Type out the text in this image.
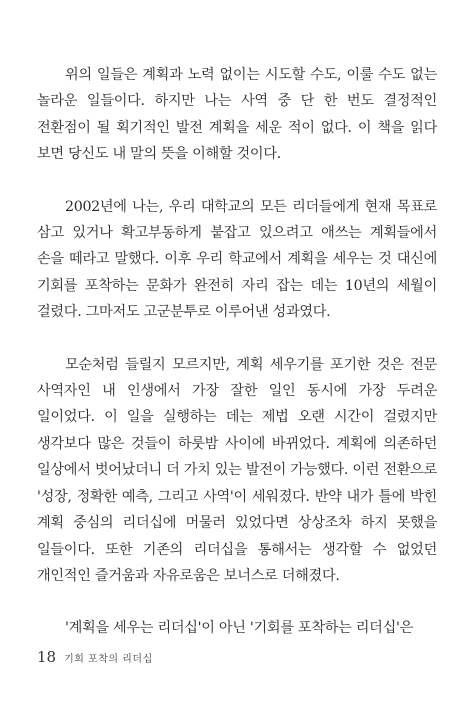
위의 일들은 계획과 노력 없이는 시도할 수도, 이룰 수도 없는 놀라운 일들이다. 하지만 나는 사역 중 단 한 번도 결정적인 전환점이 될 획기적인 발전 계획을 세운 적이 없다. 이 책을 읽다 보면 당신도 내 말의 뜻을 이해할 것이다.

2002년에 나는, 우리 대학교의 모든 리더들에게 현재 목표로 삼고 있거나 확고부동하게 붙잡고 있으려고 애쓰는 계획들에서 손을 떼라고 말했다. 이후 우리 학교에서 계획을 세우는 것 대신에 기회를 포착하는 문화가 완전히 자리 잡는 데는 10년의 세월이 걸렸다. 그마저도 고군분투로 이루어낸 성과였다.

모순처럼 들릴지 모르지만, 계획 세우기를 포기한 것은 전문 사역자인 내 인생에서 가장 잘한 일인 동시에 가장 두려운 일이었다. 이 일을 실행하는 데는 제법 오랜 시간이 걸렸지만 생각보다 많은 것들이 하룻밤 사이에 바뀌었다. 계획에 의존하던 일상에서 벗어났더니 더 가치 있는 발전이 가능했다. 이런 전환으로 '성장, 정확한 예측, 그리고 사역'이 세워졌다. 반약 내가 틀에 박힌 계획 중심의 리더십에 머물러 있었다면 상상조차 하지 못했을 일들이다. 또한 기존의 리더십을 통해서는 생각할 수 없었던 개인적인 즐거움과 자유로움은 보너스로 더해졌다.

'계획을 세우는 리더십'이 아닌 '기회를 포착하는 리더십'은

18 기회 포착의 리더십
